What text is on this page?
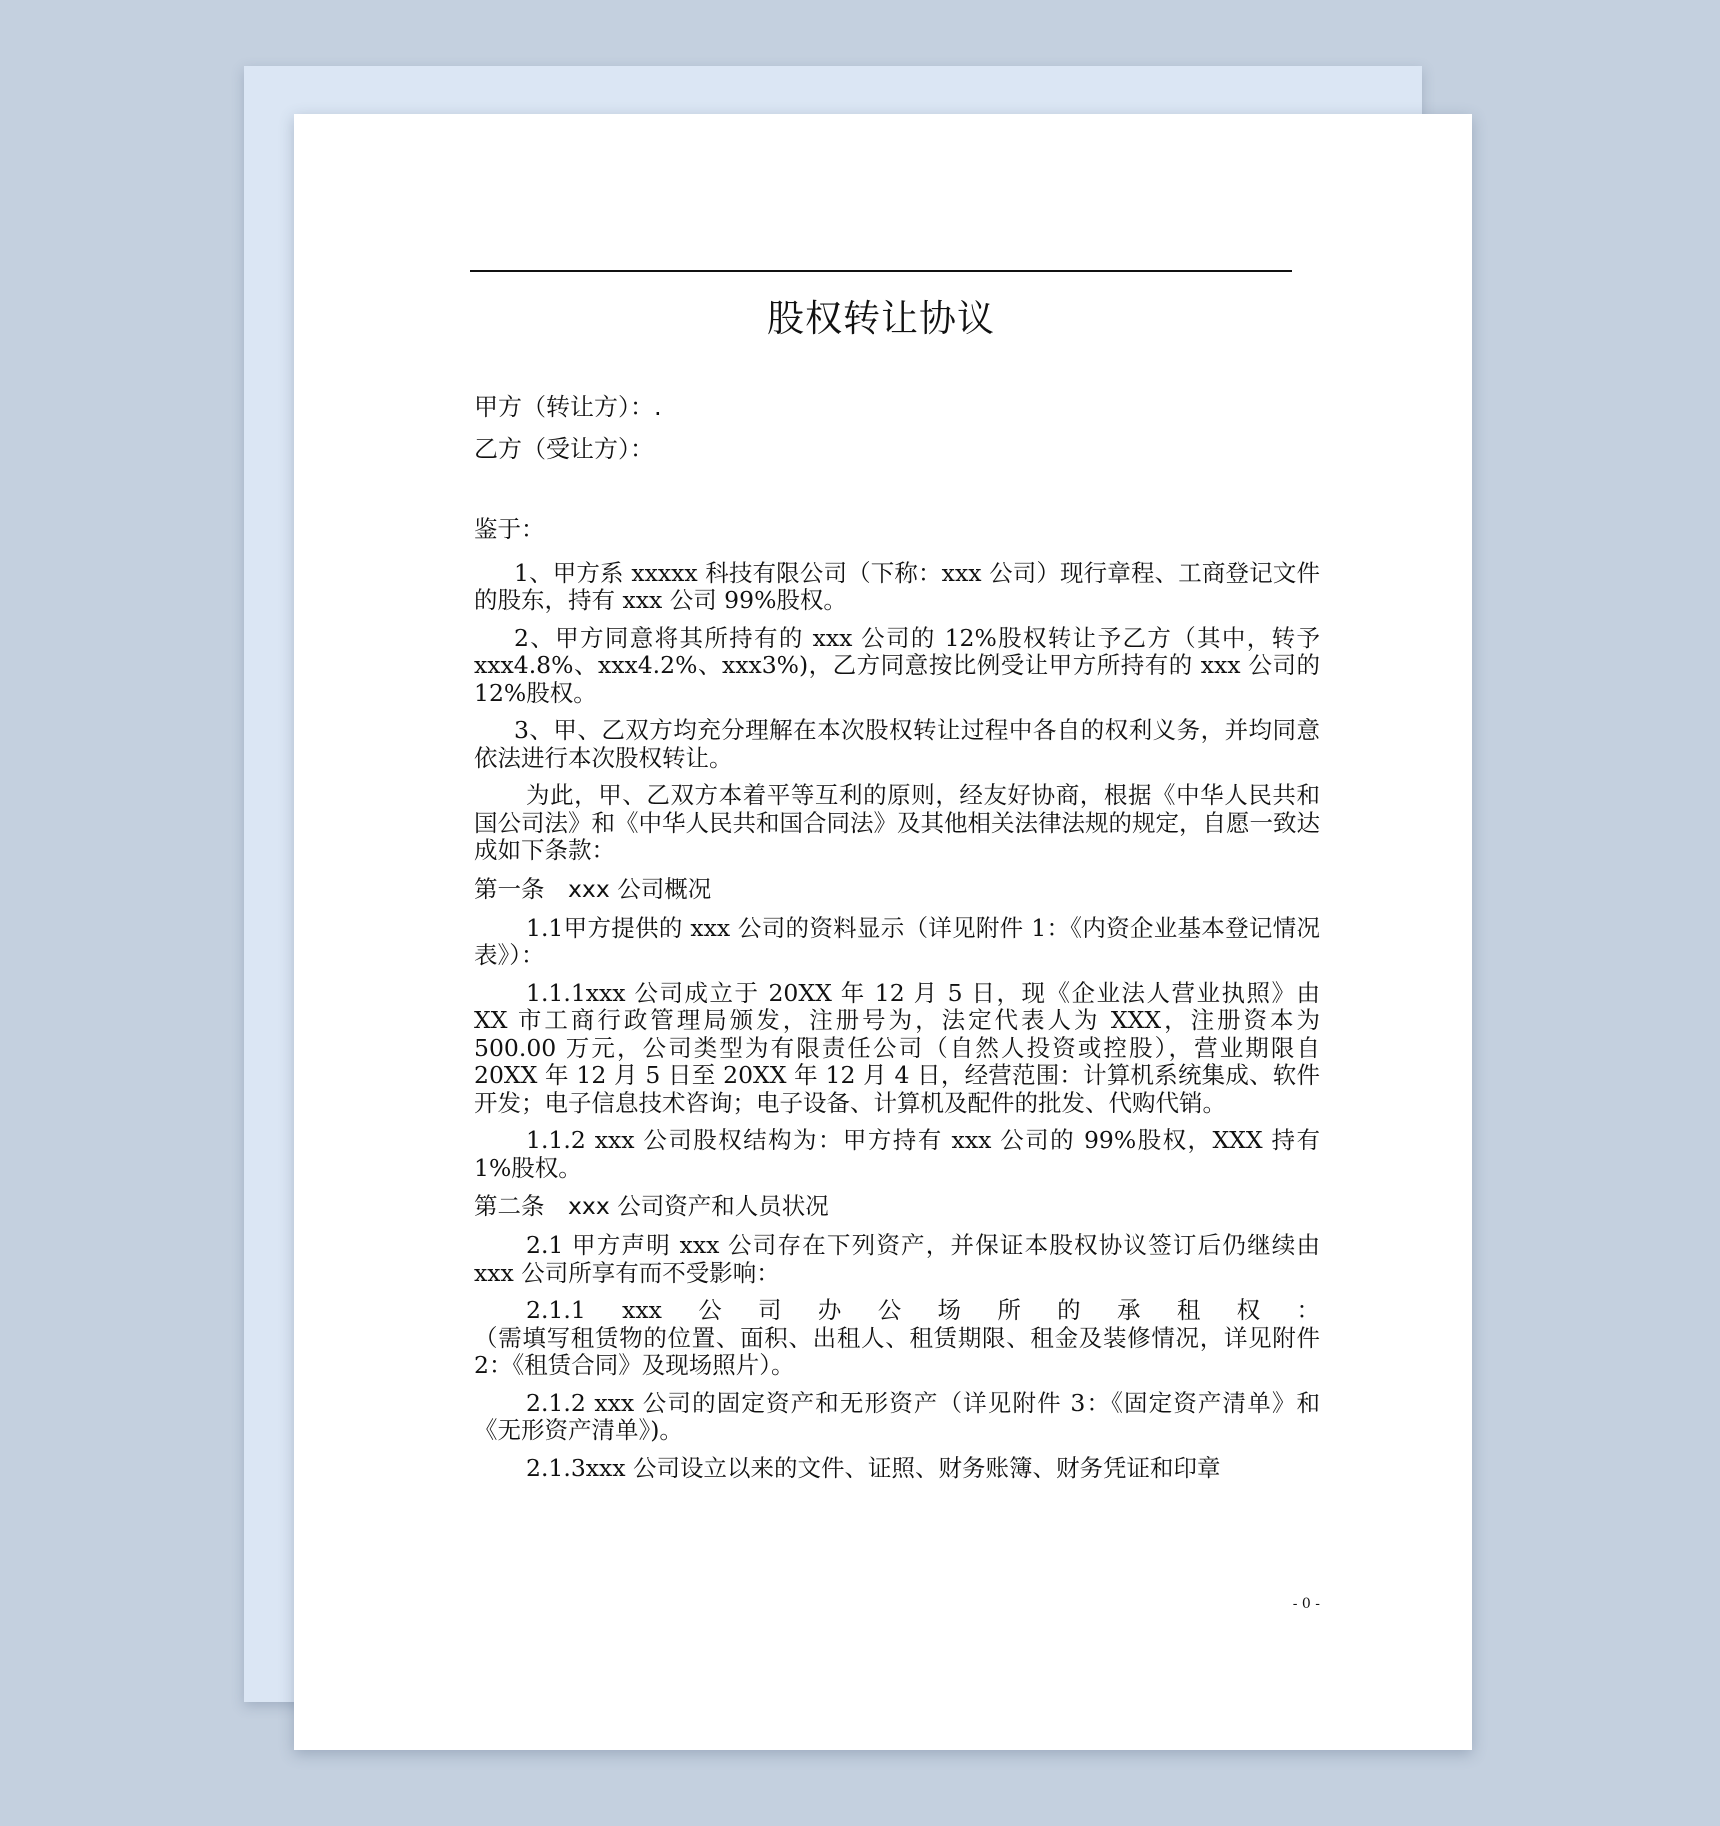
股权转让协议
甲方（转让方）：.
乙方（受让方）：

鉴于：

1、甲方系 xxxxx 科技有限公司（下称：xxx 公司）现行章程、工商登记文件的股东，持有 xxx 公司 99%股权。

2、甲方同意将其所持有的 xxx 公司的 12%股权转让予乙方（其中，转予 xxx4.8%、xxx4.2%、xxx3%)，乙方同意按比例受让甲方所持有的 xxx 公司的 12%股权。

3、甲、乙双方均充分理解在本次股权转让过程中各自的权利义务，并均同意依法进行本次股权转让。

为此，甲、乙双方本着平等互利的原则，经友好协商，根据《中华人民共和国公司法》和《中华人民共和国合同法》及其他相关法律法规的规定，自愿一致达成如下条款：

第一条　xxx 公司概况

1.1甲方提供的 xxx 公司的资料显示（详见附件 1：《内资企业基本登记情况表》）：

1.1.1xxx 公司成立于 20XX 年 12 月 5 日，现《企业法人营业执照》由 XX 市工商行政管理局颁发，注册号为，法定代表人为 XXX，注册资本为 500.00 万元，公司类型为有限责任公司（自然人投资或控股），营业期限自 20XX 年 12 月 5 日至 20XX 年 12 月 4 日，经营范围：计算机系统集成、软件开发；电子信息技术咨询；电子设备、计算机及配件的批发、代购代销。

1.1.2 xxx 公司股权结构为：甲方持有 xxx 公司的 99%股权，XXX 持有 1%股权。

第二条　xxx 公司资产和人员状况

2.1 甲方声明 xxx 公司存在下列资产，并保证本股权协议签订后仍继续由 xxx 公司所享有而不受影响：

2.1.1　xxx　公　司　办　公　场　所　的　承　租　权　：

（需填写租赁物的位置、面积、出租人、租赁期限、租金及装修情况，详见附件 2：《租赁合同》及现场照片）。

2.1.2 xxx 公司的固定资产和无形资产（详见附件 3：《固定资产清单》和《无形资产清单》)。

2.1.3xxx 公司设立以来的文件、证照、财务账簿、财务凭证和印章

- 0 -
